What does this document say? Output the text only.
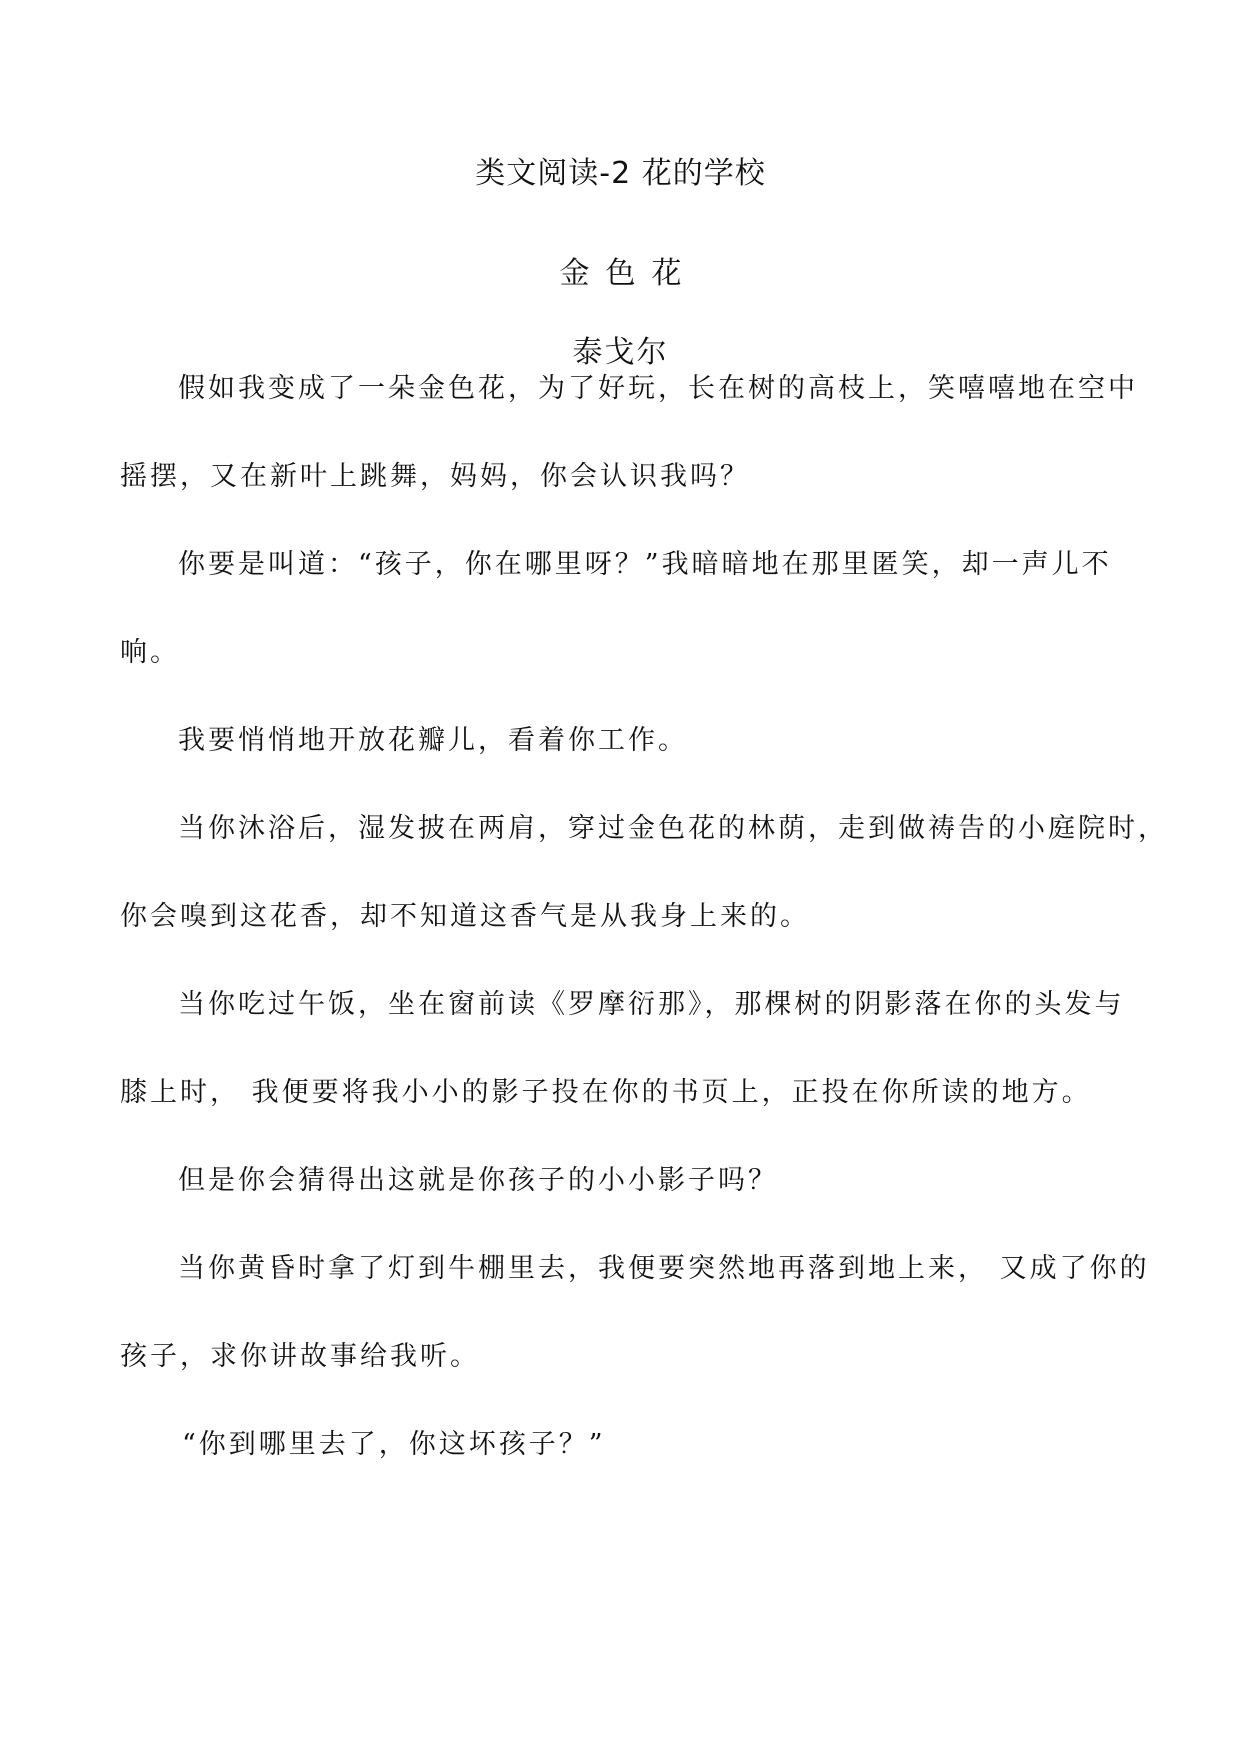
类文阅读-2 花的学校
金色花
泰戈尔
假如我变成了一朵金色花，为了好玩，长在树的高枝上，笑嘻嘻地在空中
摇摆，又在新叶上跳舞，妈妈，你会认识我吗？
你要是叫道：“孩子，你在哪里呀？”我暗暗地在那里匿笑，却一声儿不
响。
我要悄悄地开放花瓣儿，看着你工作。
当你沐浴后，湿发披在两肩，穿过金色花的林荫，走到做祷告的小庭院时，
你会嗅到这花香，却不知道这香气是从我身上来的。
当你吃过午饭，坐在窗前读《罗摩衍那》，那棵树的阴影落在你的头发与
膝上时， 我便要将我小小的影子投在你的书页上，正投在你所读的地方。
但是你会猜得出这就是你孩子的小小影子吗？
当你黄昏时拿了灯到牛棚里去，我便要突然地再落到地上来， 又成了你的
孩子，求你讲故事给我听。
“你到哪里去了，你这坏孩子？”
